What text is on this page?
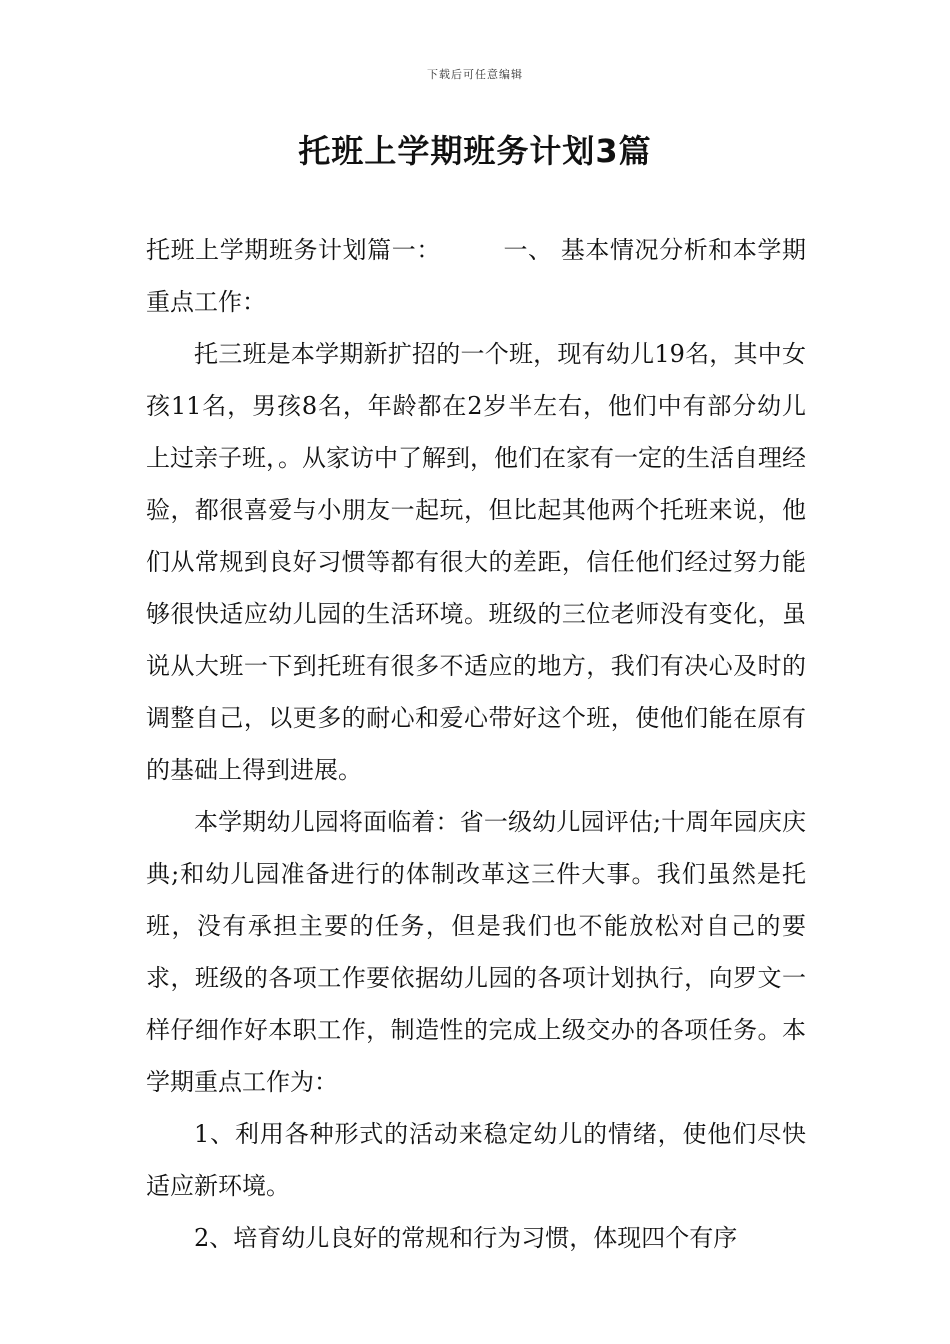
下载后可任意编辑
托班上学期班务计划3篇

托班上学期班务计划篇一：	一、 基本情况分析和本学期重点工作：

托三班是本学期新扩招的一个班，现有幼儿19名，其中女孩11名，男孩8名，年龄都在2岁半左右，他们中有部分幼儿上过亲子班，。从家访中了解到，他们在家有一定的生活自理经验，都很喜爱与小朋友一起玩，但比起其他两个托班来说，他们从常规到良好习惯等都有很大的差距，信任他们经过努力能够很快适应幼儿园的生活环境。班级的三位老师没有变化，虽说从大班一下到托班有很多不适应的地方，我们有决心及时的调整自己，以更多的耐心和爱心带好这个班，使他们能在原有的基础上得到进展。

本学期幼儿园将面临着：省一级幼儿园评估;十周年园庆庆典;和幼儿园准备进行的体制改革这三件大事。我们虽然是托班，没有承担主要的任务，但是我们也不能放松对自己的要求，班级的各项工作要依据幼儿园的各项计划执行，向罗文一样仔细作好本职工作，制造性的完成上级交办的各项任务。本学期重点工作为：

1、利用各种形式的活动来稳定幼儿的情绪，使他们尽快适应新环境。

2、培育幼儿良好的常规和行为习惯，体现四个有序
